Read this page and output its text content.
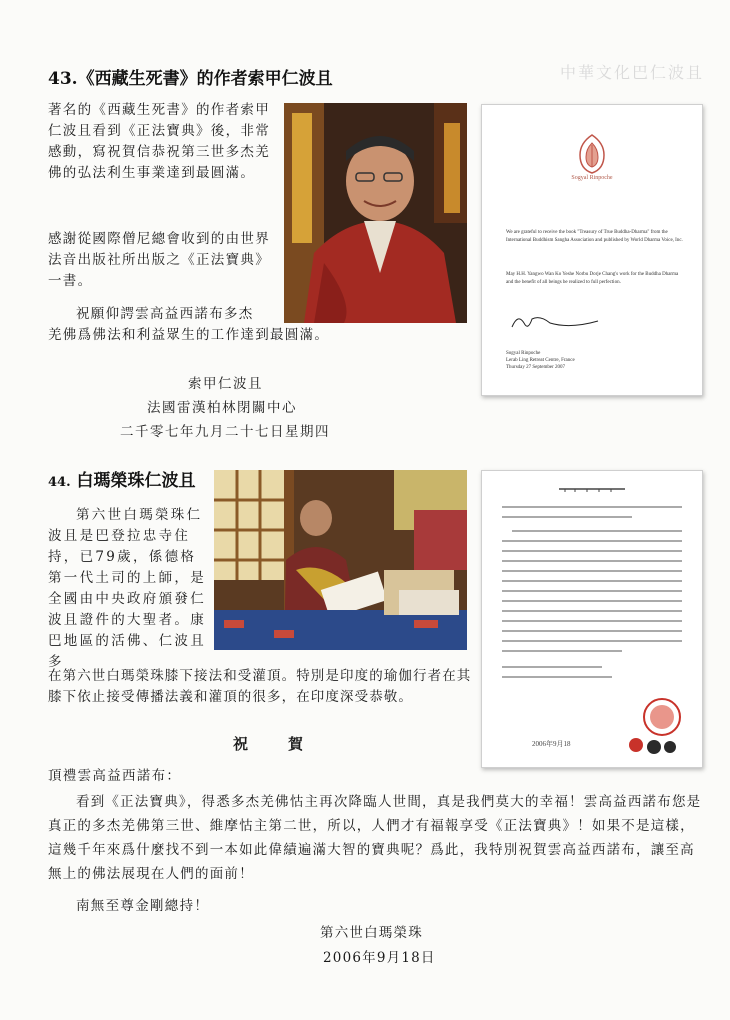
中華文化巴仁波且
43.《西藏生死書》的作者索甲仁波且

著名的《西藏生死書》的作者索甲仁波且看到《正法寶典》後，非常感動，寫祝賀信恭祝第三世多杰羌佛的弘法利生事業達到最圓滿。

感謝從國際僧尼總會收到的由世界法音出版社所出版之《正法寶典》一書。

祝願仰諤雲高益西諾布多杰

羌佛爲佛法和利益眾生的工作達到最圓滿。

索甲仁波且
法國雷漢柏林閉關中心
二千零七年九月二十七日星期四
Sogyal Rinpoche

We are grateful to receive the book "Treasury of True Buddha-Dharma" from the International Buddhism Sangha Association and published by World Dharma Voice, Inc.

May H.H. Yangwo Wan Ko Yeshe Norbu Dorje Chang's work for the Buddha Dharma and the benefit of all beings be realized to full perfection.

Sogyal Rinpoche
Lerab Ling Retreat Centre, France
Thursday 27 September 2007

44. 白瑪榮珠仁波且

第六世白瑪榮珠仁波且是巴登拉忠寺住持，已79歲，係德格第一代土司的上師，是全國由中央政府頒發仁波且證件的大聖者。康巴地區的活佛、仁波且多

在第六世白瑪榮珠膝下接法和受灌頂。特別是印度的瑜伽行者在其膝下依止接受傳播法義和灌頂的很多，在印度深受恭敬。

2006年9月18
祝賀

頂禮雲高益西諾布：

看到《正法寶典》，得悉多杰羌佛怙主再次降臨人世間，真是我們莫大的幸福！雲高益西諾布您是真正的多杰羌佛第三世、維摩怙主第二世，所以，人們才有福報享受《正法寶典》！如果不是這樣，這幾千年來爲什麼找不到一本如此偉績遍滿大智的寶典呢？爲此，我特別祝賀雲高益西諾布，讓至高無上的佛法展現在人們的面前！

南無至尊金剛總持！

第六世白瑪榮珠
2006年9月18日
